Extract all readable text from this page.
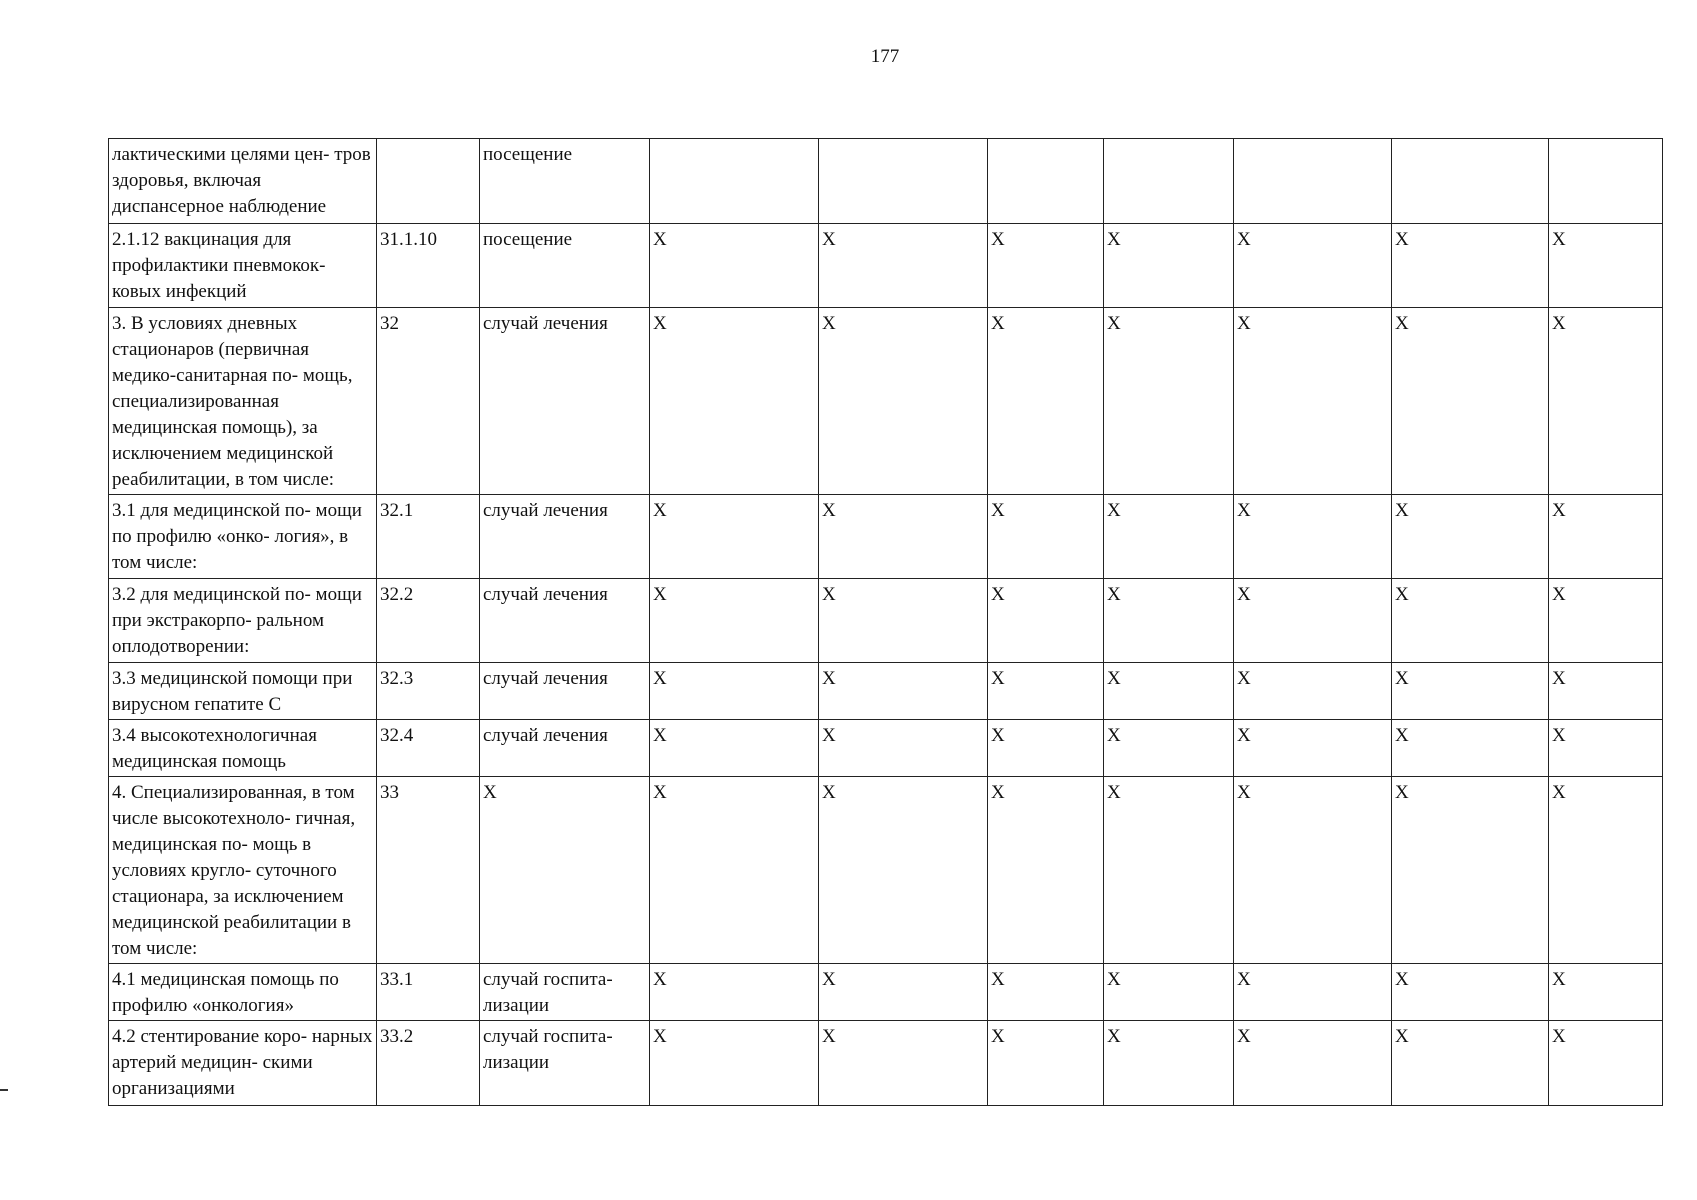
177
лактическими целями цен- тров здоровья, включая диспансерное наблюдение		посещение							
2.1.12 вакцинация для профилактики пневмокок- ковых инфекций	31.1.10	посещение	Х	Х	Х	Х	Х	Х	Х
3. В условиях дневных стационаров (первичная медико-санитарная по- мощь, специализированная медицинская помощь), за исключением медицинской реабилитации, в том числе:	32	случай лечения	Х	Х	Х	Х	Х	Х	Х
3.1 для медицинской по- мощи по профилю «онко- логия», в том числе:	32.1	случай лечения	Х	Х	Х	Х	Х	Х	Х
3.2 для медицинской по- мощи при экстракорпо- ральном оплодотворении:	32.2	случай лечения	Х	Х	Х	Х	Х	Х	Х
3.3 медицинской помощи при вирусном гепатите С	32.3	случай лечения	Х	Х	Х	Х	Х	Х	Х
3.4 высокотехнологичная медицинская помощь	32.4	случай лечения	Х	Х	Х	Х	Х	Х	Х
4. Специализированная, в том числе высокотехноло- гичная, медицинская по- мощь в условиях кругло- суточного стационара, за исключением медицинской реабилитации в том числе:	33	Х	Х	Х	Х	Х	Х	Х	Х
4.1 медицинская помощь по профилю «онкология»	33.1	случай госпита- лизации	Х	Х	Х	Х	Х	Х	Х
4.2 стентирование коро- нарных артерий медицин- скими организациями	33.2	случай госпита- лизации	Х	Х	Х	Х	Х	Х	Х
